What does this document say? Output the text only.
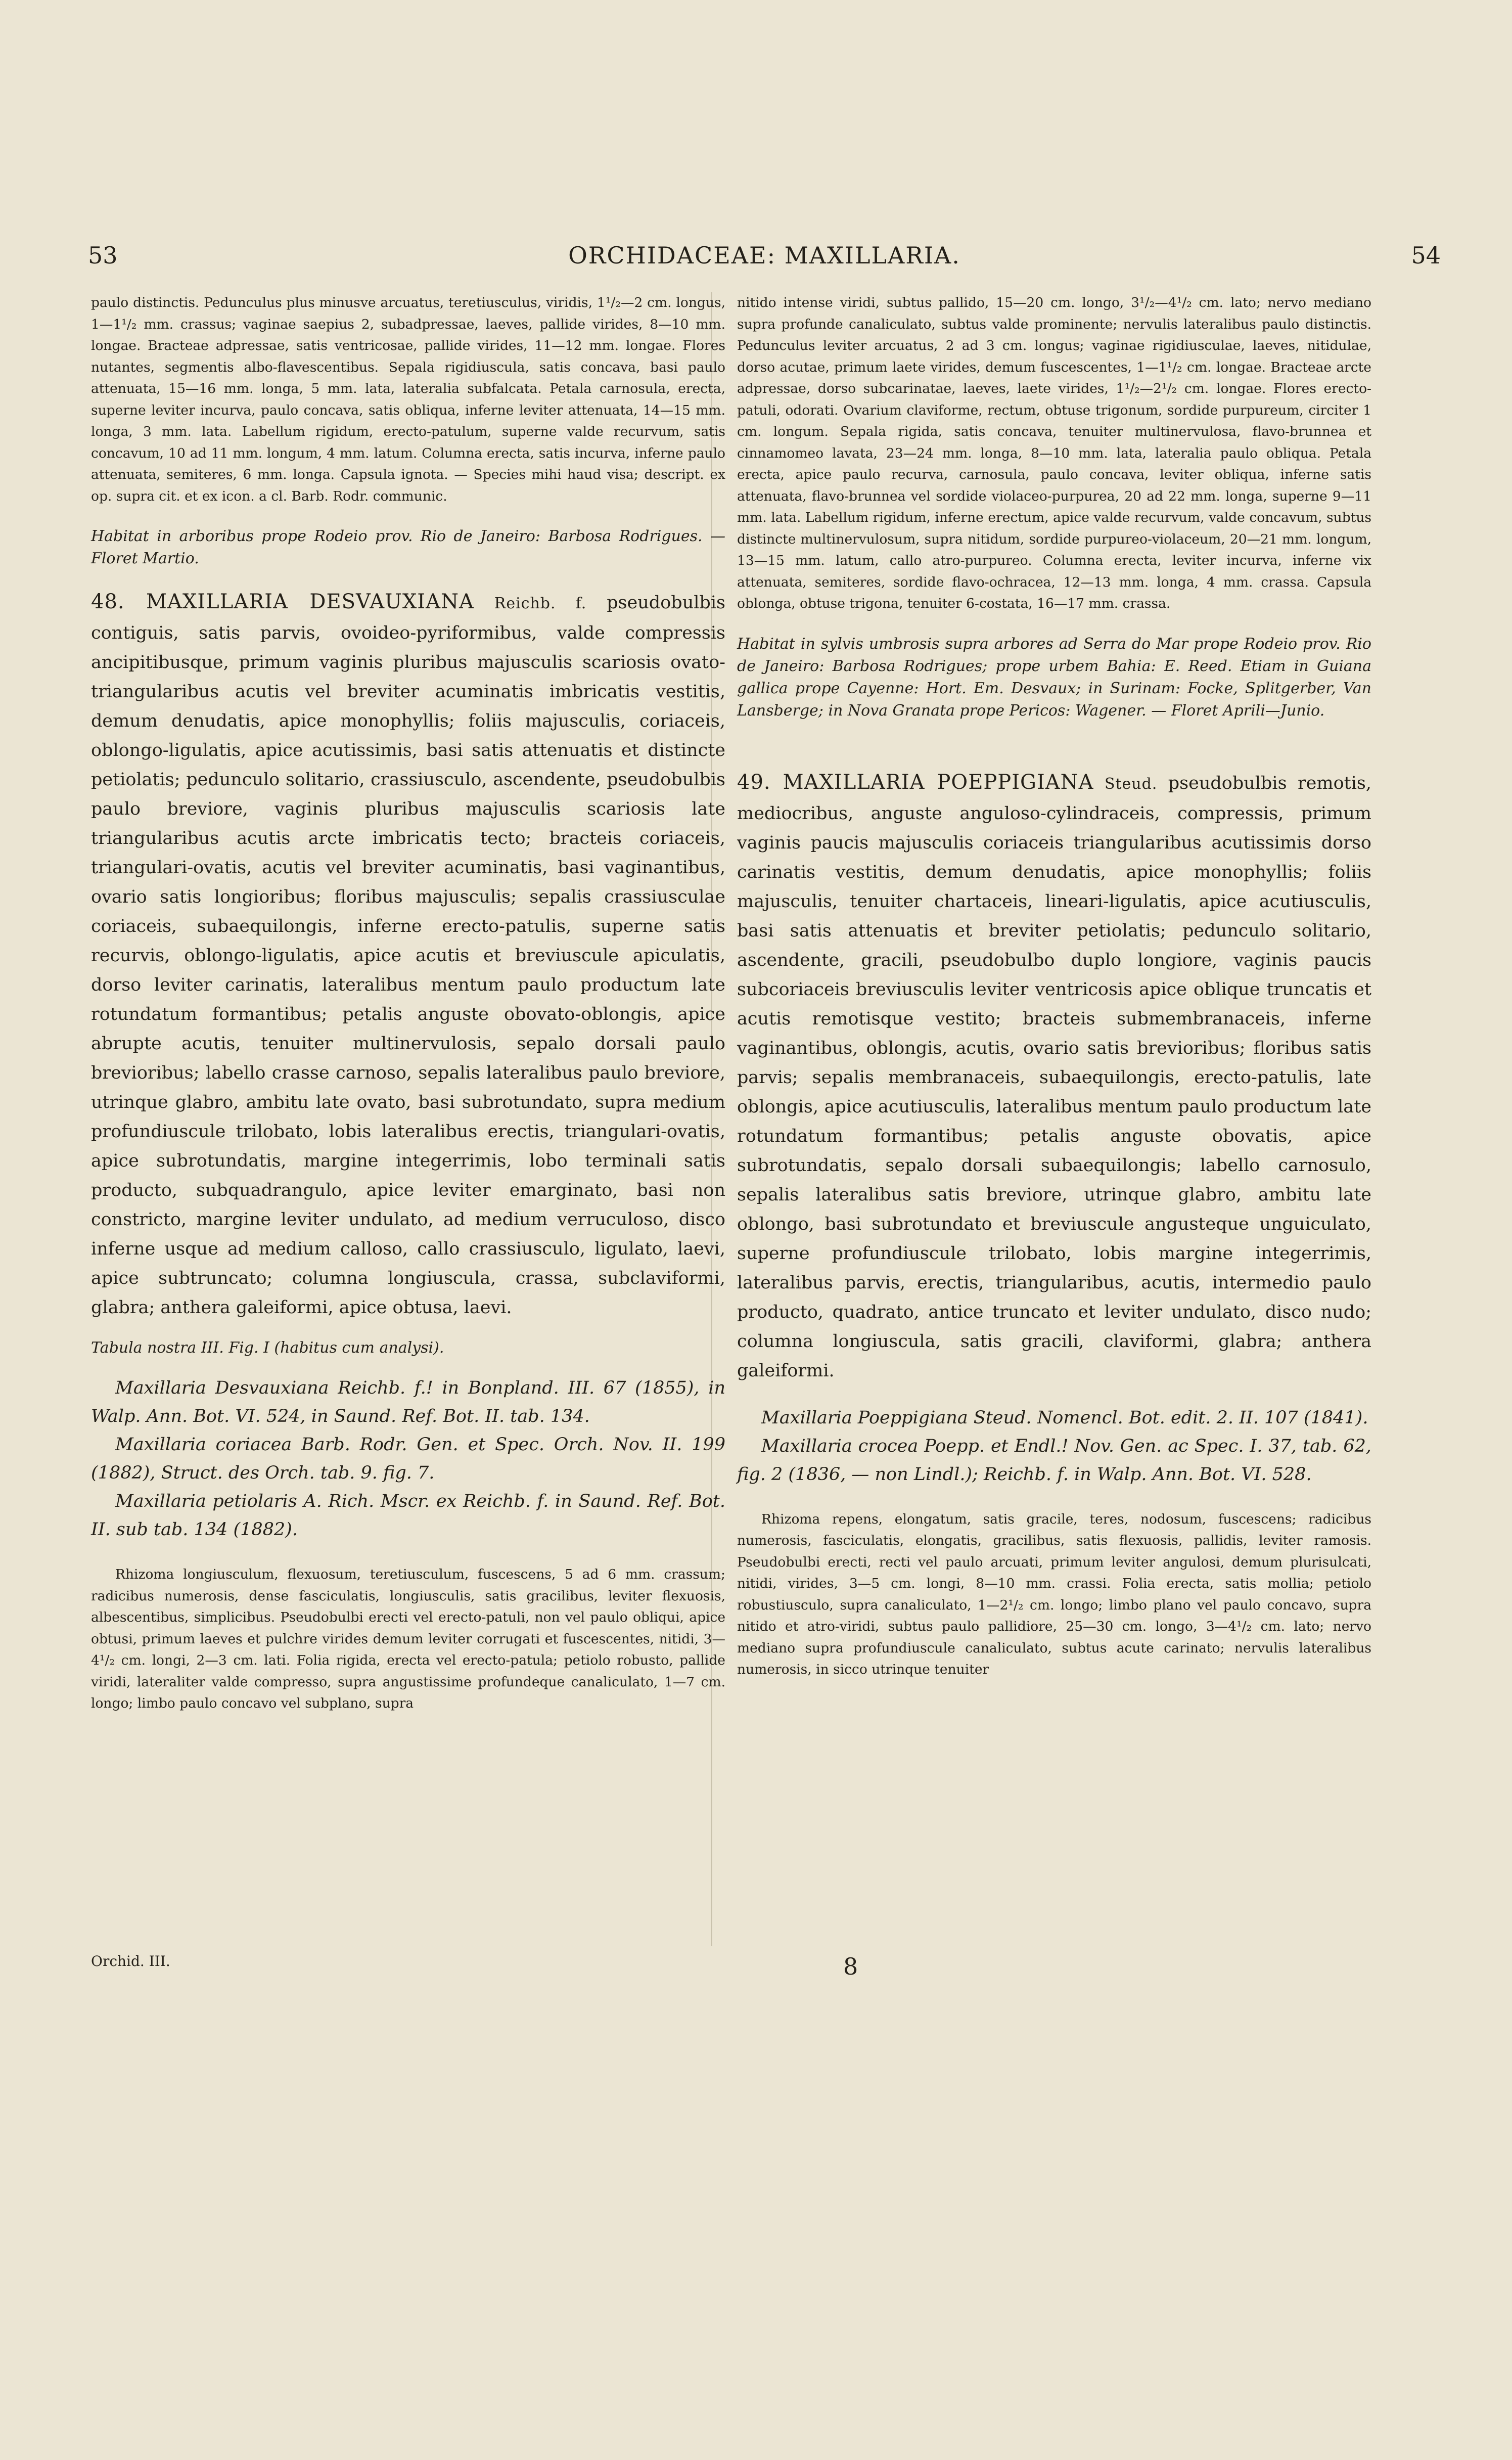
53	ORCHIDACEAE: MAXILLARIA.	54

paulo distinctis. Pedunculus plus minusve arcuatus, teretiusculus, viridis, 1¹/₂—2 cm. longus, 1—1¹/₂ mm. crassus; vaginae saepius 2, subadpressae, laeves, pallide virides, 8—10 mm. longae. Bracteae adpressae, satis ventricosae, pallide virides, 11—12 mm. longae. Flores nutantes, segmentis albo-flavescentibus. Sepala rigidiuscula, satis concava, basi paulo attenuata, 15—16 mm. longa, 5 mm. lata, lateralia subfalcata. Petala carnosula, erecta, superne leviter incurva, paulo concava, satis obliqua, inferne leviter attenuata, 14—15 mm. longa, 3 mm. lata. Labellum rigidum, erecto-patulum, superne valde recurvum, satis concavum, 10 ad 11 mm. longum, 4 mm. latum. Columna erecta, satis incurva, inferne paulo attenuata, semiteres, 6 mm. longa. Capsula ignota. — Species mihi haud visa; descript. ex op. supra cit. et ex icon. a cl. Barb. Rodr. communic.

Habitat in arboribus prope Rodeio prov. Rio de Janeiro: Barbosa Rodrigues. — Floret Martio.

48. MAXILLARIA DESVAUXIANA Reichb. f. pseudobulbis contiguis, satis parvis, ovoideo-pyriformibus, valde compressis ancipitibusque, primum vaginis pluribus majusculis scariosis ovato-triangularibus acutis vel breviter acuminatis imbricatis vestitis, demum denudatis, apice monophyllis; foliis majusculis, coriaceis, oblongo-ligulatis, apice acutissimis, basi satis attenuatis et distincte petiolatis; pedunculo solitario, crassiusculo, ascendente, pseudobulbis paulo breviore, vaginis pluribus majusculis scariosis late triangularibus acutis arcte imbricatis tecto; bracteis coriaceis, triangulari-ovatis, acutis vel breviter acuminatis, basi vaginantibus, ovario satis longioribus; floribus majusculis; sepalis crassiusculae coriaceis, subaequilongis, inferne erecto-patulis, superne satis recurvis, oblongo-ligulatis, apice acutis et breviuscule apiculatis, dorso leviter carinatis, lateralibus mentum paulo productum late rotundatum formantibus; petalis anguste obovato-oblongis, apice abrupte acutis, tenuiter multinervulosis, sepalo dorsali paulo brevioribus; labello crasse carnoso, sepalis lateralibus paulo breviore, utrinque glabro, ambitu late ovato, basi subrotundato, supra medium profundiuscule trilobato, lobis lateralibus erectis, triangulari-ovatis, apice subrotundatis, margine integerrimis, lobo terminali satis producto, subquadrangulo, apice leviter emarginato, basi non constricto, margine leviter undulato, ad medium verruculoso, disco inferne usque ad medium calloso, callo crassiusculo, ligulato, laevi, apice subtruncato; columna longiuscula, crassa, subclaviformi, glabra; anthera galeiformi, apice obtusa, laevi.

Tabula nostra III. Fig. I (habitus cum analysi).

Maxillaria Desvauxiana Reichb. f.! in Bonpland. III. 67 (1855), in Walp. Ann. Bot. VI. 524, in Saund. Ref. Bot. II. tab. 134.

Maxillaria coriacea Barb. Rodr. Gen. et Spec. Orch. Nov. II. 199 (1882), Struct. des Orch. tab. 9. fig. 7.

Maxillaria petiolaris A. Rich. Mscr. ex Reichb. f. in Saund. Ref. Bot. II. sub tab. 134 (1882).

Rhizoma longiusculum, flexuosum, teretiusculum, fuscescens, 5 ad 6 mm. crassum; radicibus numerosis, dense fasciculatis, longiusculis, satis gracilibus, leviter flexuosis, albescentibus, simplicibus. Pseudobulbi erecti vel erecto-patuli, non vel paulo obliqui, apice obtusi, primum laeves et pulchre virides demum leviter corrugati et fuscescentes, nitidi, 3—4¹/₂ cm. longi, 2—3 cm. lati. Folia rigida, erecta vel erecto-patula; petiolo robusto, pallide viridi, lateraliter valde compresso, supra angustissime profundeque canaliculato, 1—7 cm. longo; limbo paulo concavo vel subplano, supra

nitido intense viridi, subtus pallido, 15—20 cm. longo, 3¹/₂—4¹/₂ cm. lato; nervo mediano supra profunde canaliculato, subtus valde prominente; nervulis lateralibus paulo distinctis. Pedunculus leviter arcuatus, 2 ad 3 cm. longus; vaginae rigidiusculae, laeves, nitidulae, dorso acutae, primum laete virides, demum fuscescentes, 1—1¹/₂ cm. longae. Bracteae arcte adpressae, dorso subcarinatae, laeves, laete virides, 1¹/₂—2¹/₂ cm. longae. Flores erecto-patuli, odorati. Ovarium claviforme, rectum, obtuse trigonum, sordide purpureum, circiter 1 cm. longum. Sepala rigida, satis concava, tenuiter multinervulosa, flavo-brunnea et cinnamomeo lavata, 23—24 mm. longa, 8—10 mm. lata, lateralia paulo obliqua. Petala erecta, apice paulo recurva, carnosula, paulo concava, leviter obliqua, inferne satis attenuata, flavo-brunnea vel sordide violaceo-purpurea, 20 ad 22 mm. longa, superne 9—11 mm. lata. Labellum rigidum, inferne erectum, apice valde recurvum, valde concavum, subtus distincte multinervulosum, supra nitidum, sordide purpureo-violaceum, 20—21 mm. longum, 13—15 mm. latum, callo atro-purpureo. Columna erecta, leviter incurva, inferne vix attenuata, semiteres, sordide flavo-ochracea, 12—13 mm. longa, 4 mm. crassa. Capsula oblonga, obtuse trigona, tenuiter 6-costata, 16—17 mm. crassa.

Habitat in sylvis umbrosis supra arbores ad Serra do Mar prope Rodeio prov. Rio de Janeiro: Barbosa Rodrigues; prope urbem Bahia: E. Reed. Etiam in Guiana gallica prope Cayenne: Hort. Em. Desvaux; in Surinam: Focke, Splitgerber, Van Lansberge; in Nova Granata prope Pericos: Wagener. — Floret Aprili—Junio.

49. MAXILLARIA POEPPIGIANA Steud. pseudobulbis remotis, mediocribus, anguste anguloso-cylindraceis, compressis, primum vaginis paucis majusculis coriaceis triangularibus acutissimis dorso carinatis vestitis, demum denudatis, apice monophyllis; foliis majusculis, tenuiter chartaceis, lineari-ligulatis, apice acutiusculis, basi satis attenuatis et breviter petiolatis; pedunculo solitario, ascendente, gracili, pseudobulbo duplo longiore, vaginis paucis subcoriaceis breviusculis leviter ventricosis apice oblique truncatis et acutis remotisque vestito; bracteis submembranaceis, inferne vaginantibus, oblongis, acutis, ovario satis brevioribus; floribus satis parvis; sepalis membranaceis, subaequilongis, erecto-patulis, late oblongis, apice acutiusculis, lateralibus mentum paulo productum late rotundatum formantibus; petalis anguste obovatis, apice subrotundatis, sepalo dorsali subaequilongis; labello carnosulo, sepalis lateralibus satis breviore, utrinque glabro, ambitu late oblongo, basi subrotundato et breviuscule angusteque unguiculato, superne profundiuscule trilobato, lobis margine integerrimis, lateralibus parvis, erectis, triangularibus, acutis, intermedio paulo producto, quadrato, antice truncato et leviter undulato, disco nudo; columna longiuscula, satis gracili, claviformi, glabra; anthera galeiformi.

Maxillaria Poeppigiana Steud. Nomencl. Bot. edit. 2. II. 107 (1841).

Maxillaria crocea Poepp. et Endl.! Nov. Gen. ac Spec. I. 37, tab. 62, fig. 2 (1836, — non Lindl.); Reichb. f. in Walp. Ann. Bot. VI. 528.

Rhizoma repens, elongatum, satis gracile, teres, nodosum, fuscescens; radicibus numerosis, fasciculatis, elongatis, gracilibus, satis flexuosis, pallidis, leviter ramosis. Pseudobulbi erecti, recti vel paulo arcuati, primum leviter angulosi, demum plurisulcati, nitidi, virides, 3—5 cm. longi, 8—10 mm. crassi. Folia erecta, satis mollia; petiolo robustiusculo, supra canaliculato, 1—2¹/₂ cm. longo; limbo plano vel paulo concavo, supra nitido et atro-viridi, subtus paulo pallidiore, 25—30 cm. longo, 3—4¹/₂ cm. lato; nervo mediano supra profundiuscule canaliculato, subtus acute carinato; nervulis lateralibus numerosis, in sicco utrinque tenuiter

Orchid. III.	8
